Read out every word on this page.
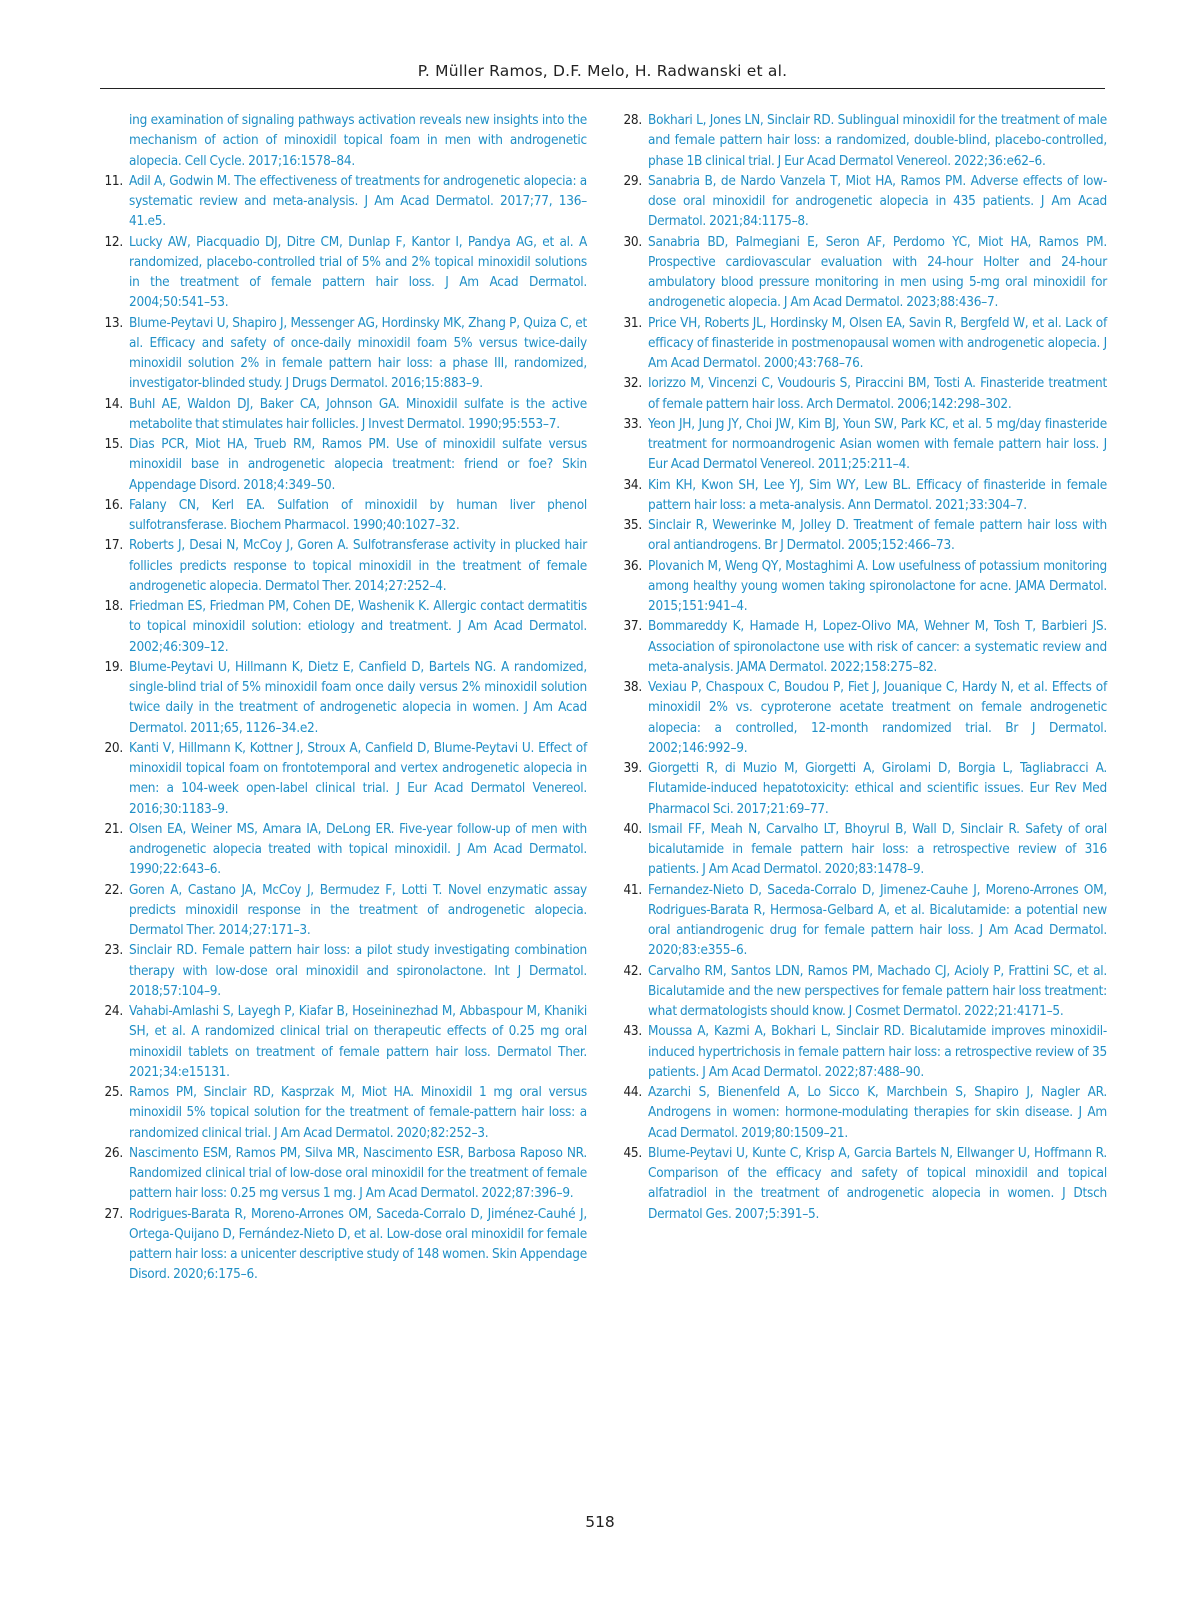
P. Müller Ramos, D.F. Melo, H. Radwanski et al.
ing examination of signaling pathways activation reveals new insights into the mechanism of action of minoxidil topical foam in men with androgenetic alopecia. Cell Cycle. 2017;16:1578–84.
11. Adil A, Godwin M. The effectiveness of treatments for androgenetic alopecia: a systematic review and meta-analysis. J Am Acad Dermatol. 2017;77, 136–41.e5.
12. Lucky AW, Piacquadio DJ, Ditre CM, Dunlap F, Kantor I, Pandya AG, et al. A randomized, placebo-controlled trial of 5% and 2% topical minoxidil solutions in the treatment of female pattern hair loss. J Am Acad Dermatol. 2004;50:541–53.
13. Blume-Peytavi U, Shapiro J, Messenger AG, Hordinsky MK, Zhang P, Quiza C, et al. Efficacy and safety of once-daily minoxidil foam 5% versus twice-daily minoxidil solution 2% in female pattern hair loss: a phase III, randomized, investigator-blinded study. J Drugs Dermatol. 2016;15:883–9.
14. Buhl AE, Waldon DJ, Baker CA, Johnson GA. Minoxidil sulfate is the active metabolite that stimulates hair follicles. J Invest Dermatol. 1990;95:553–7.
15. Dias PCR, Miot HA, Trueb RM, Ramos PM. Use of minoxidil sulfate versus minoxidil base in androgenetic alopecia treatment: friend or foe? Skin Appendage Disord. 2018;4:349–50.
16. Falany CN, Kerl EA. Sulfation of minoxidil by human liver phenol sulfotransferase. Biochem Pharmacol. 1990;40:1027–32.
17. Roberts J, Desai N, McCoy J, Goren A. Sulfotransferase activity in plucked hair follicles predicts response to topical minoxidil in the treatment of female androgenetic alopecia. Dermatol Ther. 2014;27:252–4.
18. Friedman ES, Friedman PM, Cohen DE, Washenik K. Allergic contact dermatitis to topical minoxidil solution: etiology and treatment. J Am Acad Dermatol. 2002;46:309–12.
19. Blume-Peytavi U, Hillmann K, Dietz E, Canfield D, Bartels NG. A randomized, single-blind trial of 5% minoxidil foam once daily versus 2% minoxidil solution twice daily in the treatment of androgenetic alopecia in women. J Am Acad Dermatol. 2011;65, 1126–34.e2.
20. Kanti V, Hillmann K, Kottner J, Stroux A, Canfield D, Blume-Peytavi U. Effect of minoxidil topical foam on frontotemporal and vertex androgenetic alopecia in men: a 104-week open-label clinical trial. J Eur Acad Dermatol Venereol. 2016;30:1183–9.
21. Olsen EA, Weiner MS, Amara IA, DeLong ER. Five-year follow-up of men with androgenetic alopecia treated with topical minoxidil. J Am Acad Dermatol. 1990;22:643–6.
22. Goren A, Castano JA, McCoy J, Bermudez F, Lotti T. Novel enzymatic assay predicts minoxidil response in the treatment of androgenetic alopecia. Dermatol Ther. 2014;27:171–3.
23. Sinclair RD. Female pattern hair loss: a pilot study investigating combination therapy with low-dose oral minoxidil and spironolactone. Int J Dermatol. 2018;57:104–9.
24. Vahabi-Amlashi S, Layegh P, Kiafar B, Hoseininezhad M, Abbaspour M, Khaniki SH, et al. A randomized clinical trial on therapeutic effects of 0.25 mg oral minoxidil tablets on treatment of female pattern hair loss. Dermatol Ther. 2021;34:e15131.
25. Ramos PM, Sinclair RD, Kasprzak M, Miot HA. Minoxidil 1 mg oral versus minoxidil 5% topical solution for the treatment of female-pattern hair loss: a randomized clinical trial. J Am Acad Dermatol. 2020;82:252–3.
26. Nascimento ESM, Ramos PM, Silva MR, Nascimento ESR, Barbosa Raposo NR. Randomized clinical trial of low-dose oral minoxidil for the treatment of female pattern hair loss: 0.25 mg versus 1 mg. J Am Acad Dermatol. 2022;87:396–9.
27. Rodrigues-Barata R, Moreno-Arrones OM, Saceda-Corralo D, Jiménez-Cauhé J, Ortega-Quijano D, Fernández-Nieto D, et al. Low-dose oral minoxidil for female pattern hair loss: a unicenter descriptive study of 148 women. Skin Appendage Disord. 2020;6:175–6.
28. Bokhari L, Jones LN, Sinclair RD. Sublingual minoxidil for the treatment of male and female pattern hair loss: a randomized, double-blind, placebo-controlled, phase 1B clinical trial. J Eur Acad Dermatol Venereol. 2022;36:e62–6.
29. Sanabria B, de Nardo Vanzela T, Miot HA, Ramos PM. Adverse effects of low-dose oral minoxidil for androgenetic alopecia in 435 patients. J Am Acad Dermatol. 2021;84:1175–8.
30. Sanabria BD, Palmegiani E, Seron AF, Perdomo YC, Miot HA, Ramos PM. Prospective cardiovascular evaluation with 24-hour Holter and 24-hour ambulatory blood pressure monitoring in men using 5-mg oral minoxidil for androgenetic alopecia. J Am Acad Dermatol. 2023;88:436–7.
31. Price VH, Roberts JL, Hordinsky M, Olsen EA, Savin R, Bergfeld W, et al. Lack of efficacy of finasteride in postmenopausal women with androgenetic alopecia. J Am Acad Dermatol. 2000;43:768–76.
32. Iorizzo M, Vincenzi C, Voudouris S, Piraccini BM, Tosti A. Finasteride treatment of female pattern hair loss. Arch Dermatol. 2006;142:298–302.
33. Yeon JH, Jung JY, Choi JW, Kim BJ, Youn SW, Park KC, et al. 5 mg/day finasteride treatment for normoandrogenic Asian women with female pattern hair loss. J Eur Acad Dermatol Venereol. 2011;25:211–4.
34. Kim KH, Kwon SH, Lee YJ, Sim WY, Lew BL. Efficacy of finasteride in female pattern hair loss: a meta-analysis. Ann Dermatol. 2021;33:304–7.
35. Sinclair R, Wewerinke M, Jolley D. Treatment of female pattern hair loss with oral antiandrogens. Br J Dermatol. 2005;152:466–73.
36. Plovanich M, Weng QY, Mostaghimi A. Low usefulness of potassium monitoring among healthy young women taking spironolactone for acne. JAMA Dermatol. 2015;151:941–4.
37. Bommareddy K, Hamade H, Lopez-Olivo MA, Wehner M, Tosh T, Barbieri JS. Association of spironolactone use with risk of cancer: a systematic review and meta-analysis. JAMA Dermatol. 2022;158:275–82.
38. Vexiau P, Chaspoux C, Boudou P, Fiet J, Jouanique C, Hardy N, et al. Effects of minoxidil 2% vs. cyproterone acetate treatment on female androgenetic alopecia: a controlled, 12-month randomized trial. Br J Dermatol. 2002;146:992–9.
39. Giorgetti R, di Muzio M, Giorgetti A, Girolami D, Borgia L, Tagliabracci A. Flutamide-induced hepatotoxicity: ethical and scientific issues. Eur Rev Med Pharmacol Sci. 2017;21:69–77.
40. Ismail FF, Meah N, Carvalho LT, Bhoyrul B, Wall D, Sinclair R. Safety of oral bicalutamide in female pattern hair loss: a retrospective review of 316 patients. J Am Acad Dermatol. 2020;83:1478–9.
41. Fernandez-Nieto D, Saceda-Corralo D, Jimenez-Cauhe J, Moreno-Arrones OM, Rodrigues-Barata R, Hermosa-Gelbard A, et al. Bicalutamide: a potential new oral antiandrogenic drug for female pattern hair loss. J Am Acad Dermatol. 2020;83:e355–6.
42. Carvalho RM, Santos LDN, Ramos PM, Machado CJ, Acioly P, Frattini SC, et al. Bicalutamide and the new perspectives for female pattern hair loss treatment: what dermatologists should know. J Cosmet Dermatol. 2022;21:4171–5.
43. Moussa A, Kazmi A, Bokhari L, Sinclair RD. Bicalutamide improves minoxidil-induced hypertrichosis in female pattern hair loss: a retrospective review of 35 patients. J Am Acad Dermatol. 2022;87:488–90.
44. Azarchi S, Bienenfeld A, Lo Sicco K, Marchbein S, Shapiro J, Nagler AR. Androgens in women: hormone-modulating therapies for skin disease. J Am Acad Dermatol. 2019;80:1509–21.
45. Blume-Peytavi U, Kunte C, Krisp A, Garcia Bartels N, Ellwanger U, Hoffmann R. Comparison of the efficacy and safety of topical minoxidil and topical alfatradiol in the treatment of androgenetic alopecia in women. J Dtsch Dermatol Ges. 2007;5:391–5.
518
